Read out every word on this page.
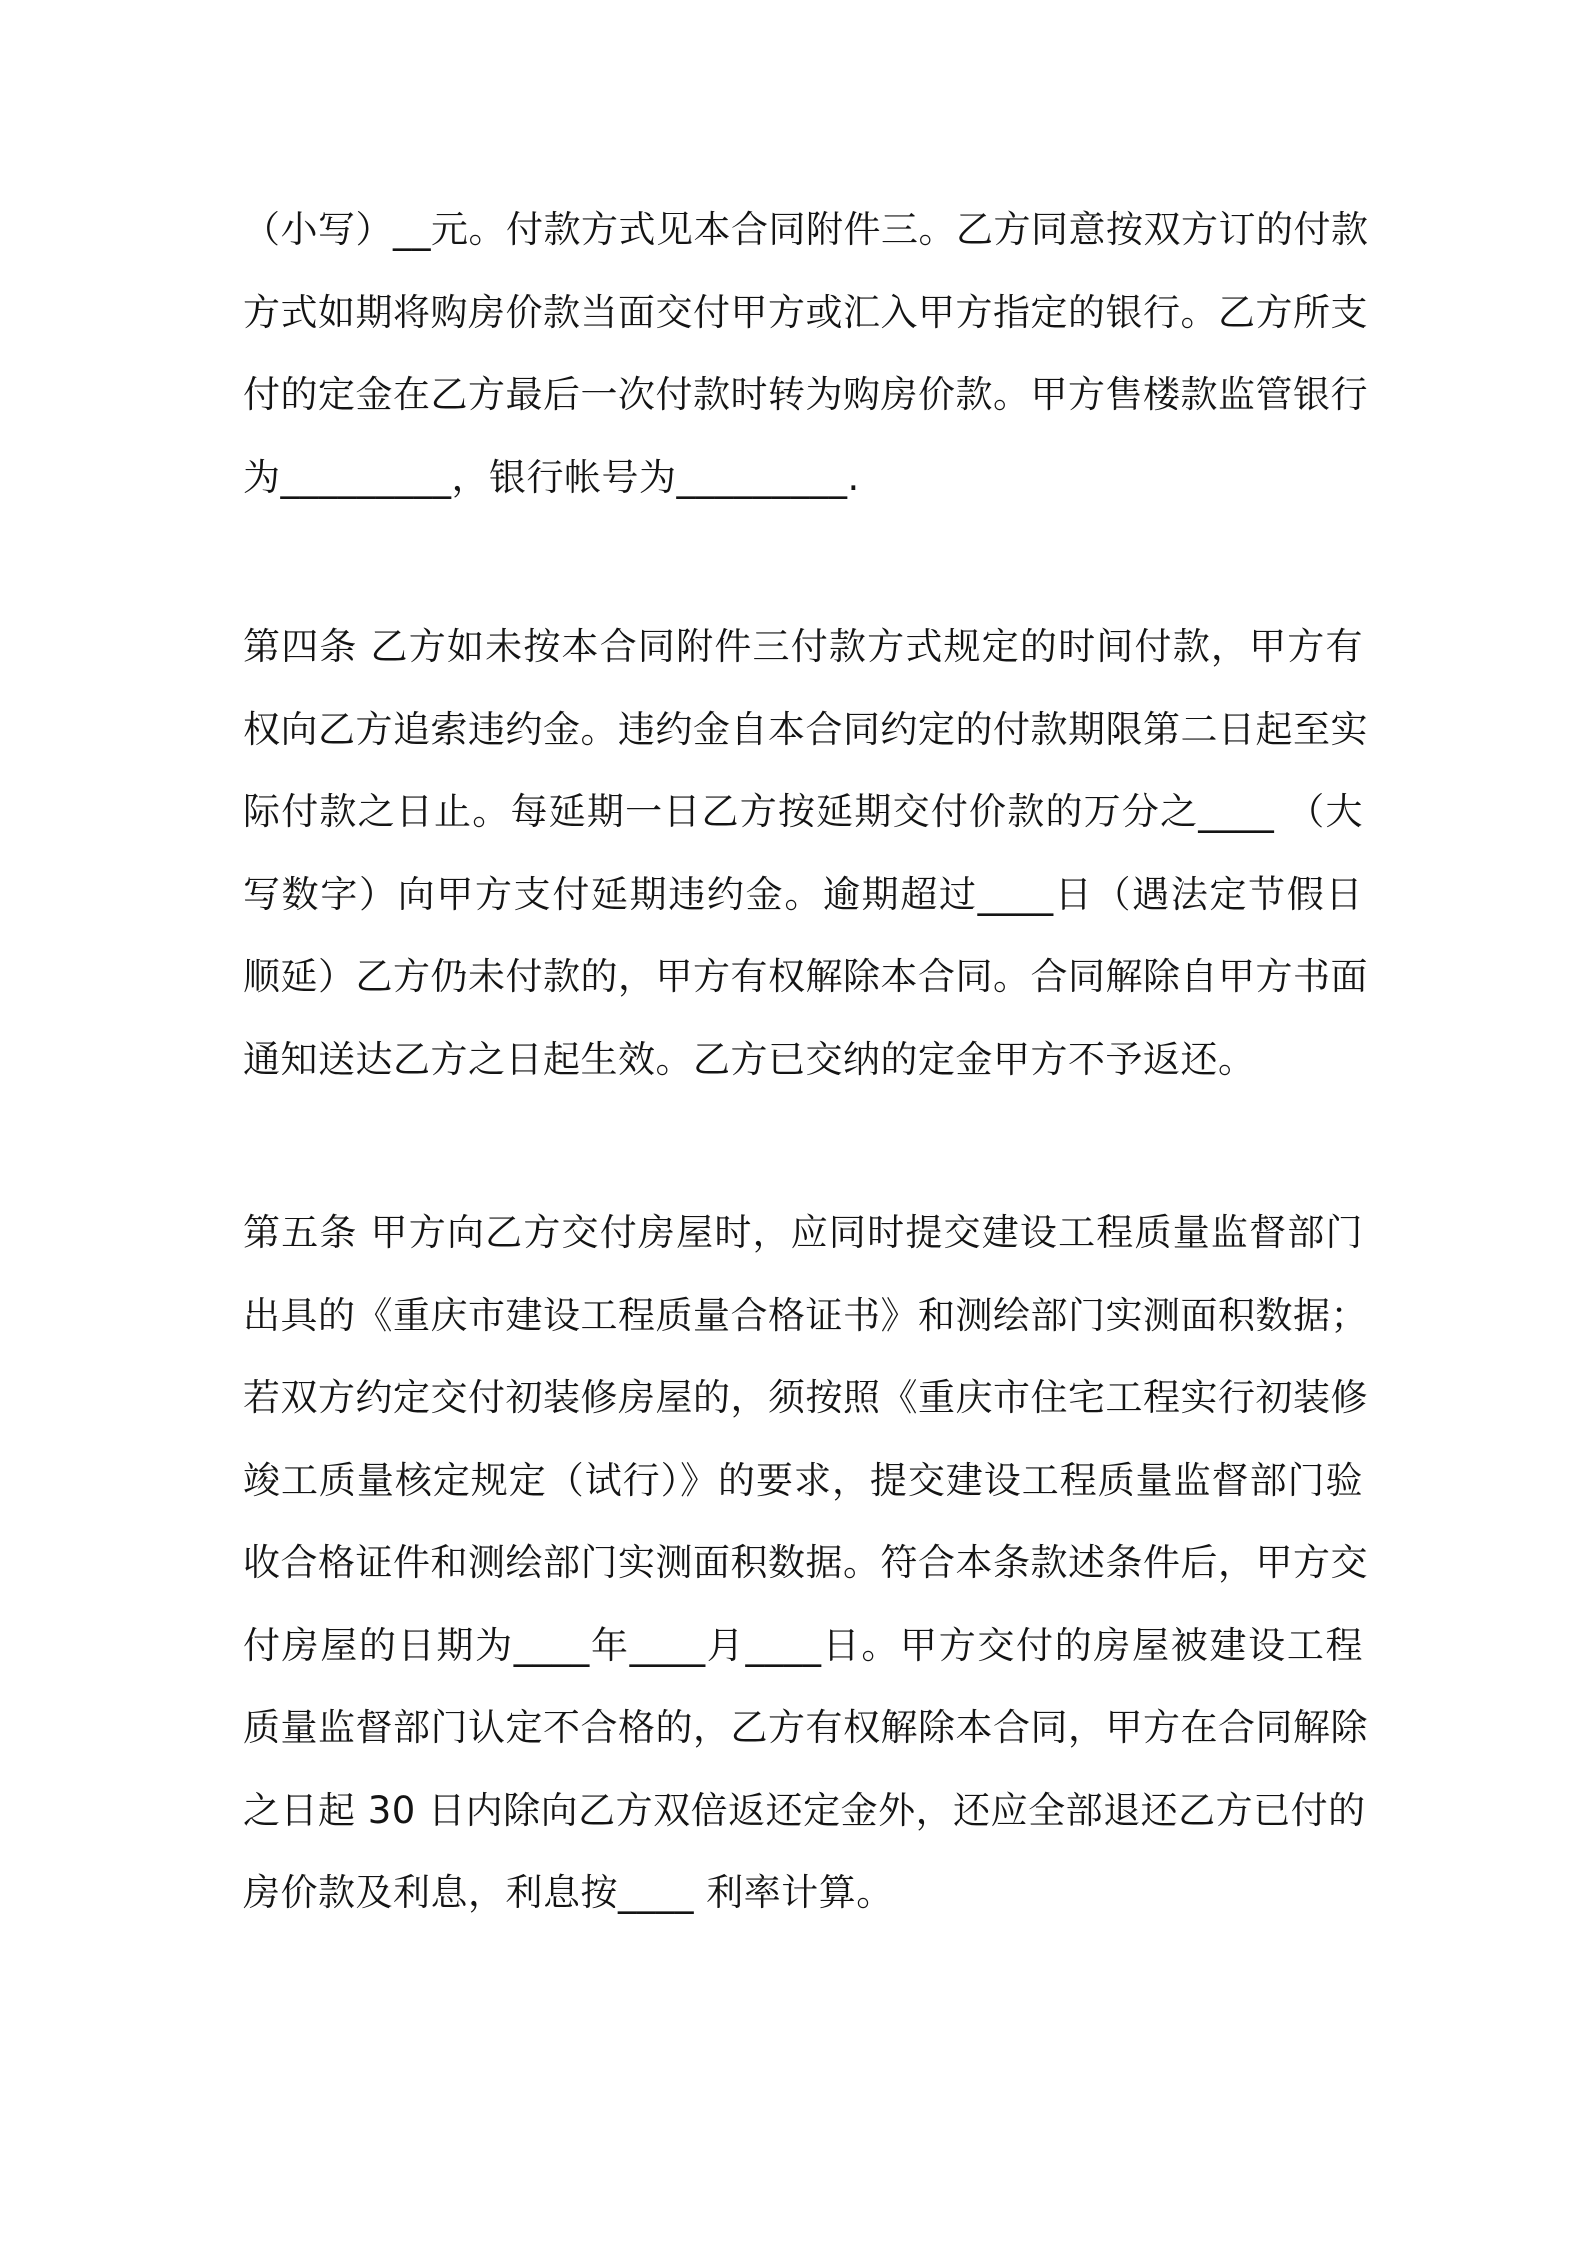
（小写）__元。付款方式见本合同附件三。乙方同意按双方订的付款
方式如期将购房价款当面交付甲方或汇入甲方指定的银行。乙方所支
付的定金在乙方最后一次付款时转为购房价款。甲方售楼款监管银行
为_________，银行帐号为_________.

第四条 乙方如未按本合同附件三付款方式规定的时间付款，甲方有
权向乙方追索违约金。违约金自本合同约定的付款期限第二日起至实
际付款之日止。每延期一日乙方按延期交付价款的万分之____ （大
写数字）向甲方支付延期违约金。逾期超过____日（遇法定节假日
顺延）乙方仍未付款的，甲方有权解除本合同。合同解除自甲方书面
通知送达乙方之日起生效。乙方已交纳的定金甲方不予返还。

第五条 甲方向乙方交付房屋时，应同时提交建设工程质量监督部门
出具的《重庆市建设工程质量合格证书》和测绘部门实测面积数据；
若双方约定交付初装修房屋的，须按照《重庆市住宅工程实行初装修
竣工质量核定规定（试行）》的要求，提交建设工程质量监督部门验
收合格证件和测绘部门实测面积数据。符合本条款述条件后，甲方交
付房屋的日期为____年____月____日。甲方交付的房屋被建设工程
质量监督部门认定不合格的，乙方有权解除本合同，甲方在合同解除
之日起 30 日内除向乙方双倍返还定金外，还应全部退还乙方已付的
房价款及利息，利息按____ 利率计算。
